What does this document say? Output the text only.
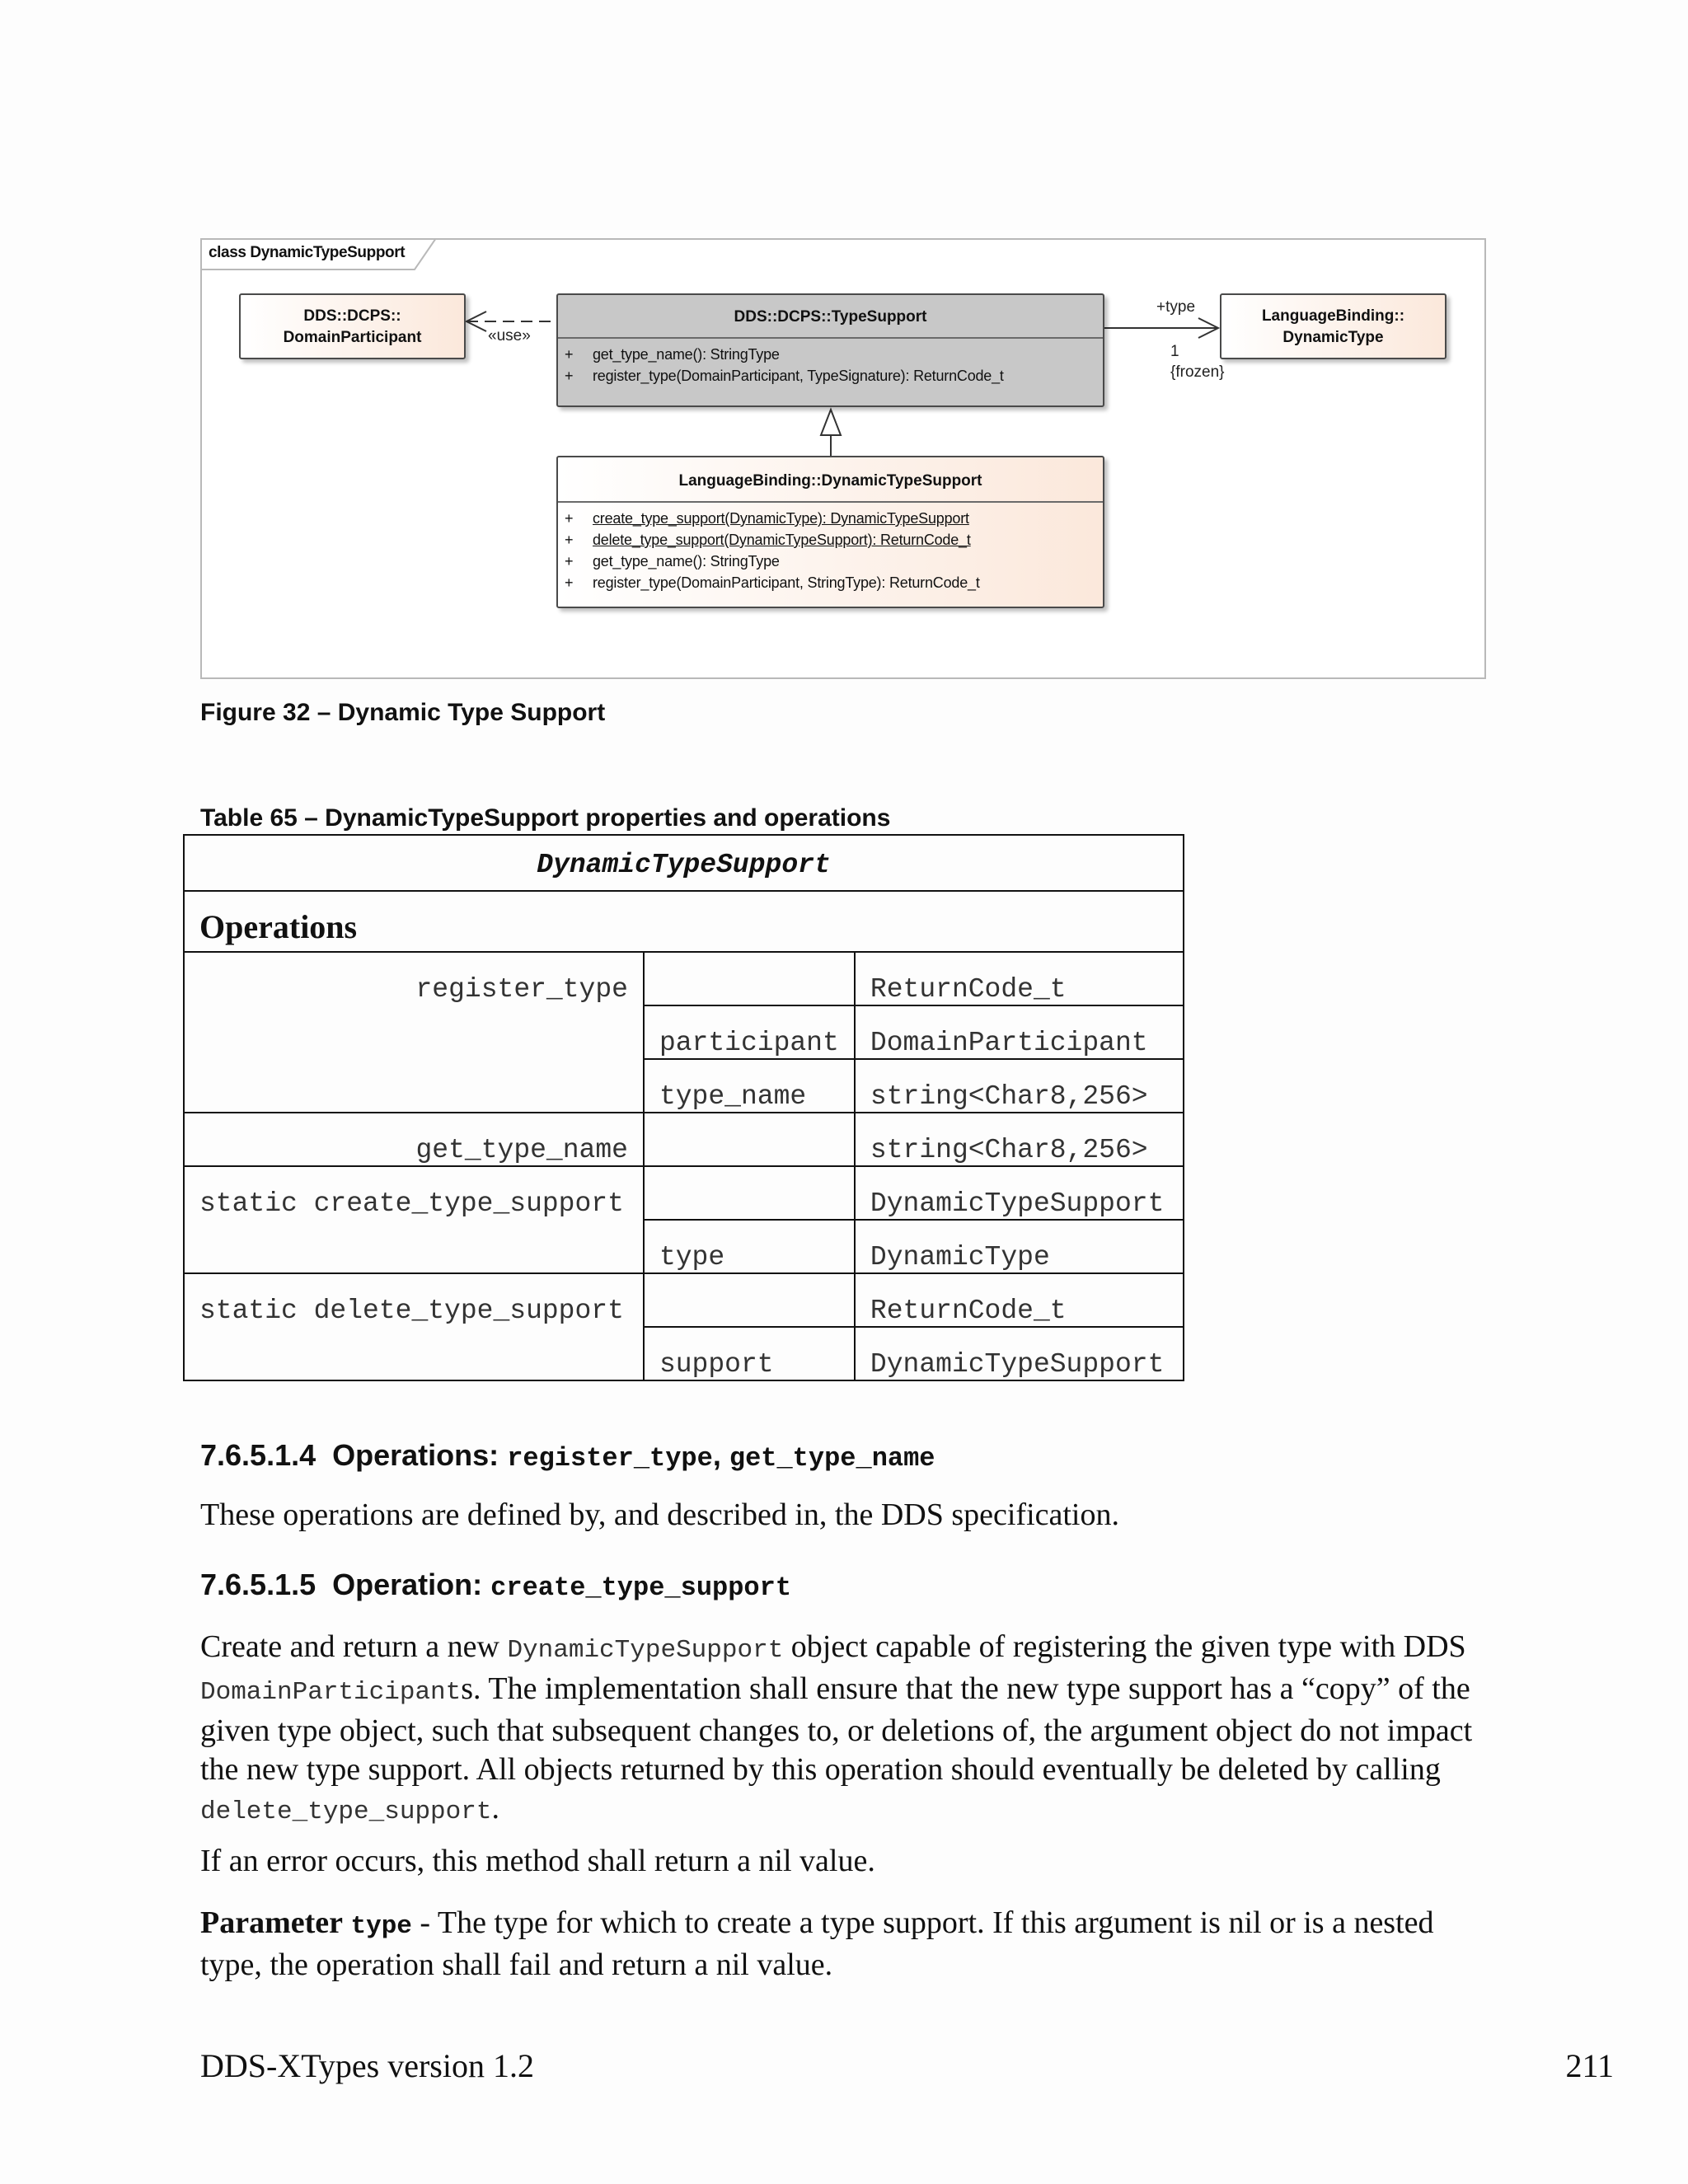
class DynamicTypeSupport
DDS::DCPS::
DomainParticipant	«use»
DDS::DCPS::TypeSupport
+ get_type_name(): StringType
+ register_type(DomainParticipant, TypeSignature): ReturnCode_t
+type
1
{frozen}
LanguageBinding::
DynamicType
LanguageBinding::DynamicTypeSupport
+ create_type_support(DynamicType): DynamicTypeSupport
+ delete_type_support(DynamicTypeSupport): ReturnCode_t
+ get_type_name(): StringType
+ register_type(DomainParticipant, StringType): ReturnCode_t
Figure 32 – Dynamic Type Support
Table 65 – DynamicTypeSupport properties and operations
DynamicTypeSupport		
Operations		
register_type		ReturnCode_t
	participant	DomainParticipant
	type_name	string<Char8,256>
get_type_name		string<Char8,256>
static create_type_support		DynamicTypeSupport
	type	DynamicType
static delete_type_support		ReturnCode_t
	support	DynamicTypeSupport
7.6.5.1.4 Operations: register_type, get_type_name
These operations are defined by, and described in, the DDS specification.
7.6.5.1.5 Operation: create_type_support
Create and return a new DynamicTypeSupport object capable of registering the given type with DDS DomainParticipants. The implementation shall ensure that the new type support has a “copy” of the given type object, such that subsequent changes to, or deletions of, the argument object do not impact the new type support. All objects returned by this operation should eventually be deleted by calling delete_type_support.
If an error occurs, this method shall return a nil value.
Parameter type - The type for which to create a type support. If this argument is nil or is a nested type, the operation shall fail and return a nil value.
DDS-XTypes version 1.2	211
